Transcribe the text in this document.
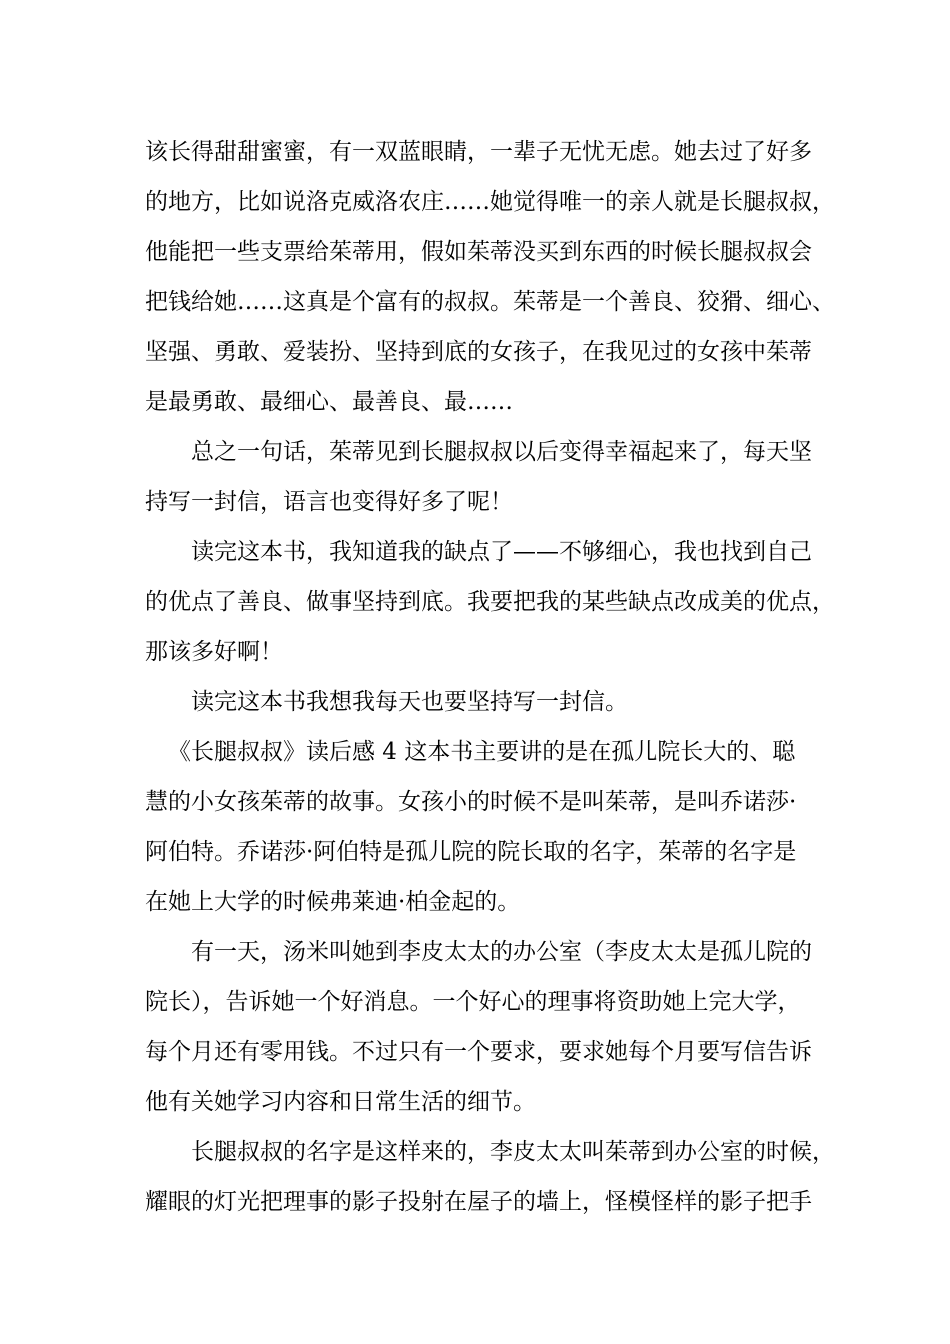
该长得甜甜蜜蜜，有一双蓝眼睛，一辈子无忧无虑。她去过了好多
的地方，比如说洛克威洛农庄……她觉得唯一的亲人就是长腿叔叔，
他能把一些支票给茱蒂用，假如茱蒂没买到东西的时候长腿叔叔会
把钱给她……这真是个富有的叔叔。茱蒂是一个善良、狡猾、细心、
坚强、勇敢、爱装扮、坚持到底的女孩子，在我见过的女孩中茱蒂
是最勇敢、最细心、最善良、最……
总之一句话，茱蒂见到长腿叔叔以后变得幸福起来了，每天坚
持写一封信，语言也变得好多了呢！
读完这本书，我知道我的缺点了——不够细心，我也找到自己
的优点了善良、做事坚持到底。我要把我的某些缺点改成美的优点，
那该多好啊！
读完这本书我想我每天也要坚持写一封信。
《长腿叔叔》读后感 4 这本书主要讲的是在孤儿院长大的、聪
慧的小女孩茱蒂的故事。女孩小的时候不是叫茱蒂，是叫乔诺莎·
阿伯特。乔诺莎·阿伯特是孤儿院的院长取的名字，茱蒂的名字是
在她上大学的时候弗莱迪·柏金起的。
有一天，汤米叫她到李皮太太的办公室（李皮太太是孤儿院的
院长），告诉她一个好消息。一个好心的理事将资助她上完大学，
每个月还有零用钱。不过只有一个要求，要求她每个月要写信告诉
他有关她学习内容和日常生活的细节。
长腿叔叔的名字是这样来的，李皮太太叫茱蒂到办公室的时候，
耀眼的灯光把理事的影子投射在屋子的墙上，怪模怪样的影子把手
